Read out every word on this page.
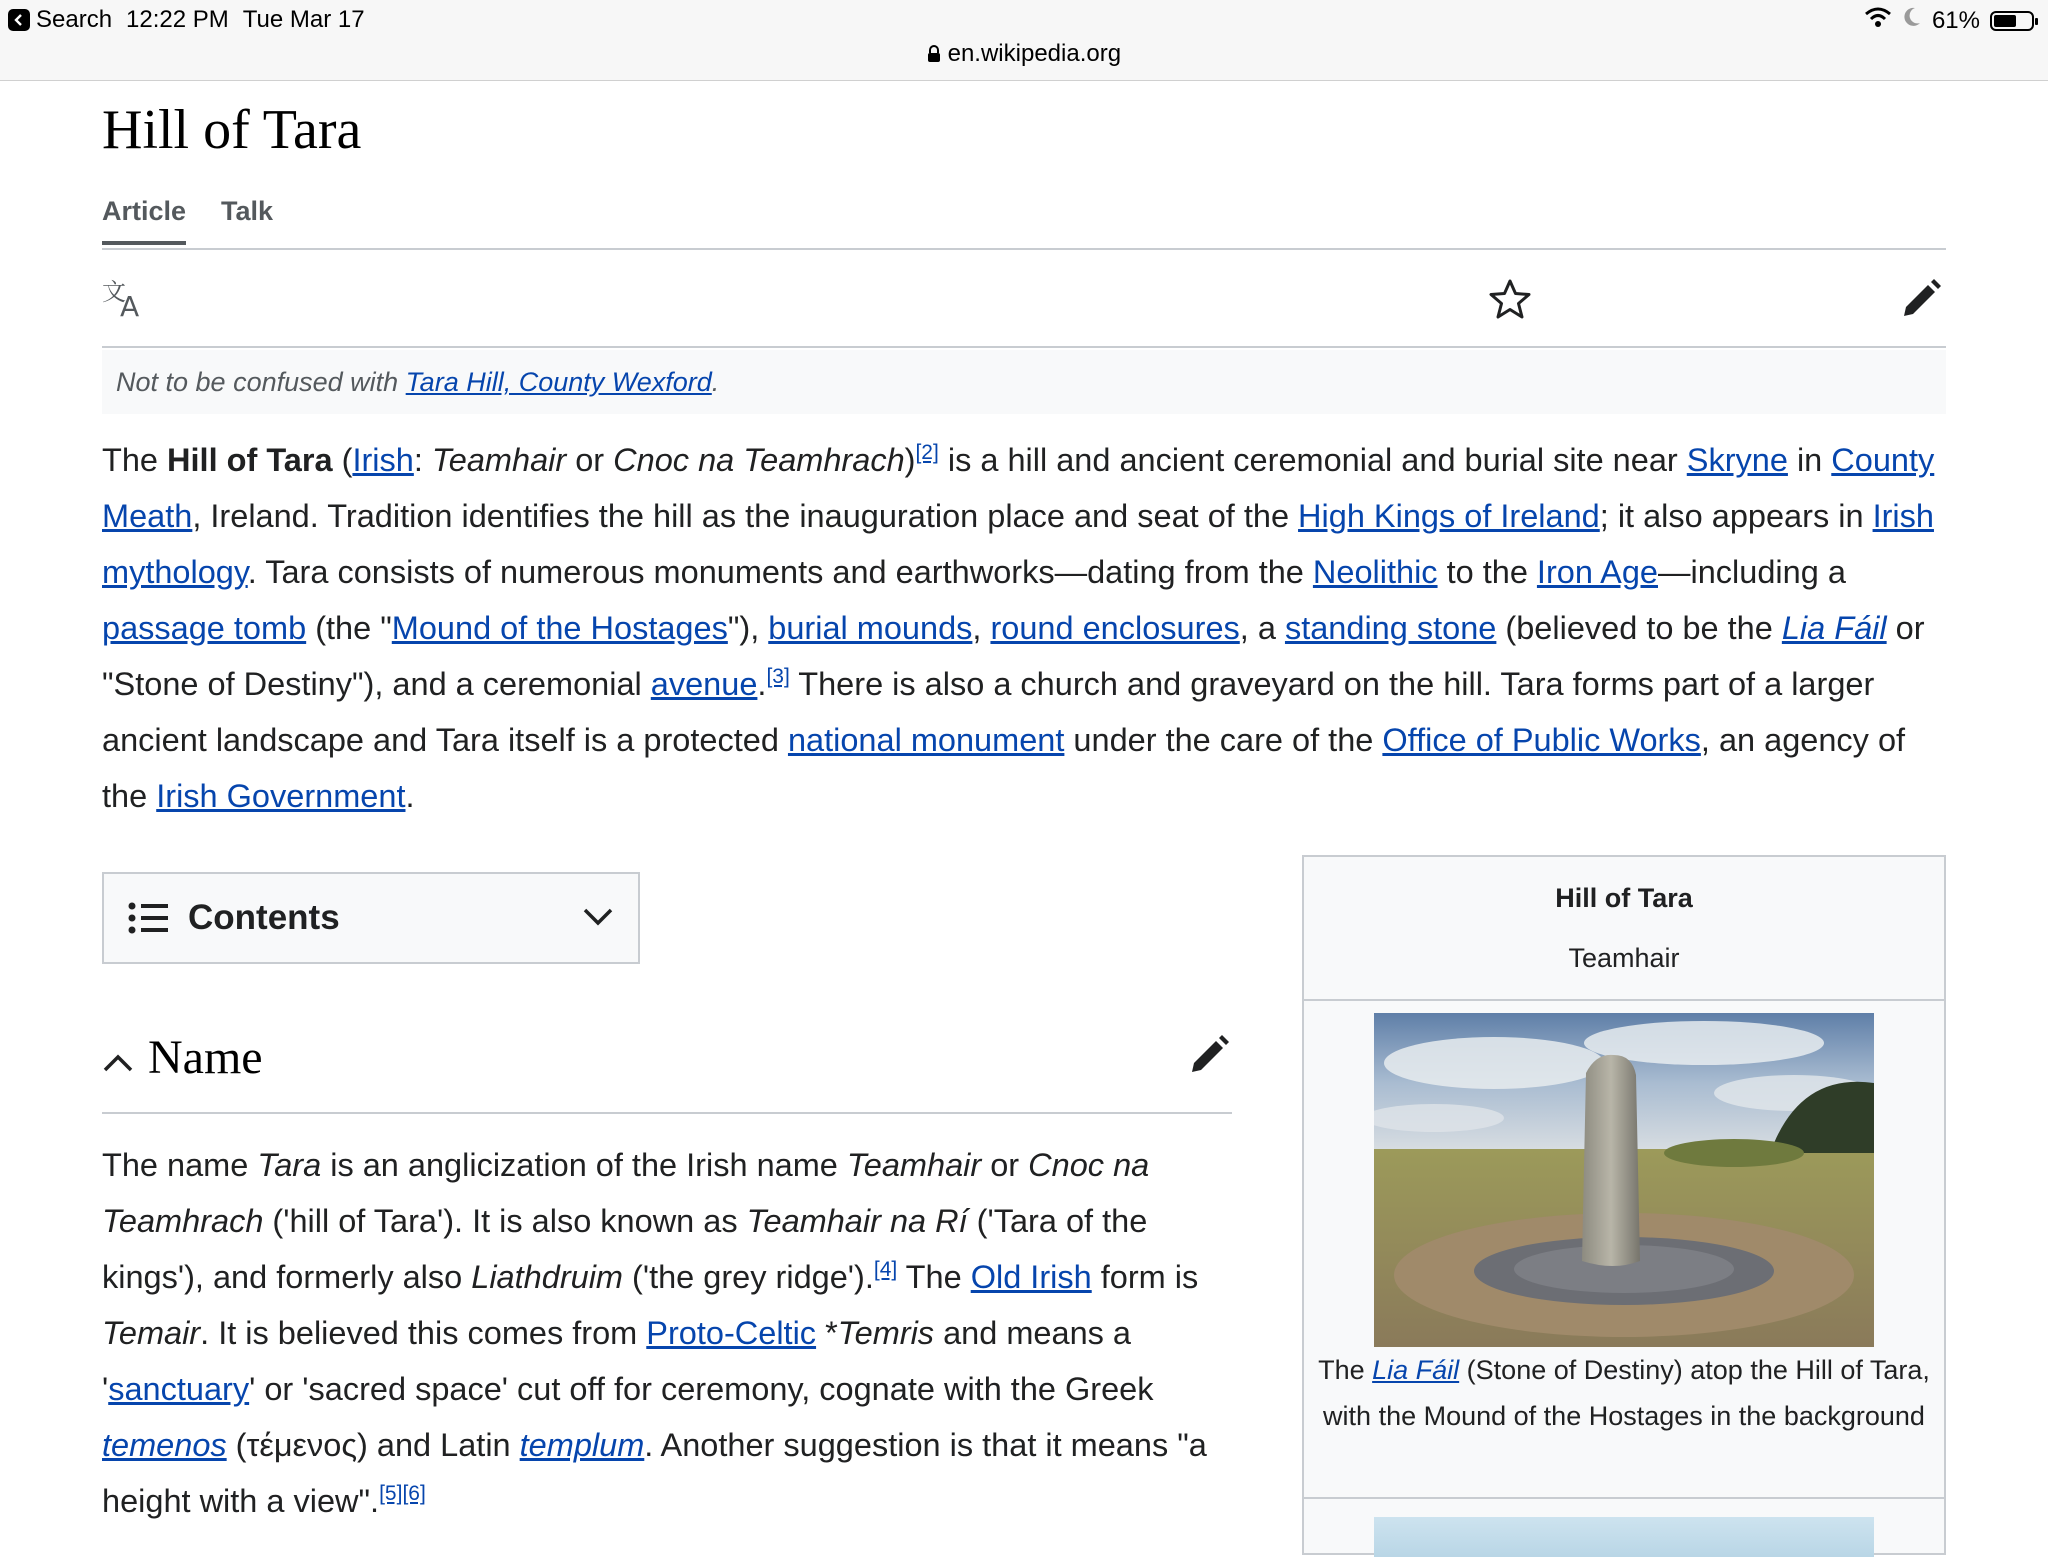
Search 12:22 PM Tue Mar 17	61%
en.wikipedia.org
Hill of Tara
Article Talk
文
A
Not to be confused with Tara Hill, County Wexford.
The Hill of Tara (Irish: Teamhair or Cnoc na Teamhrach)[2] is a hill and ancient ceremonial and burial site near Skryne in County Meath, Ireland. Tradition identifies the hill as the inauguration place and seat of the High Kings of Ireland; it also appears in Irish mythology. Tara consists of numerous monuments and earthworks—dating from the Neolithic to the Iron Age—including a passage tomb (the "Mound of the Hostages"), burial mounds, round enclosures, a standing stone (believed to be the Lia Fáil or "Stone of Destiny"), and a ceremonial avenue.[3] There is also a church and graveyard on the hill. Tara forms part of a larger ancient landscape and Tara itself is a protected national monument under the care of the Office of Public Works, an agency of the Irish Government.
Contents
Name
The name Tara is an anglicization of the Irish name Teamhair or Cnoc na Teamhrach ('hill of Tara'). It is also known as Teamhair na Rí ('Tara of the kings'), and formerly also Liathdruim ('the grey ridge').[4] The Old Irish form is Temair. It is believed this comes from Proto-Celtic *Temris and means a 'sanctuary' or 'sacred space' cut off for ceremony, cognate with the Greek temenos (τέμενος) and Latin templum. Another suggestion is that it means "a height with a view".[5][6]
Hill of Tara
Teamhair
The Lia Fáil (Stone of Destiny) atop the Hill of Tara, with the Mound of the Hostages in the background
